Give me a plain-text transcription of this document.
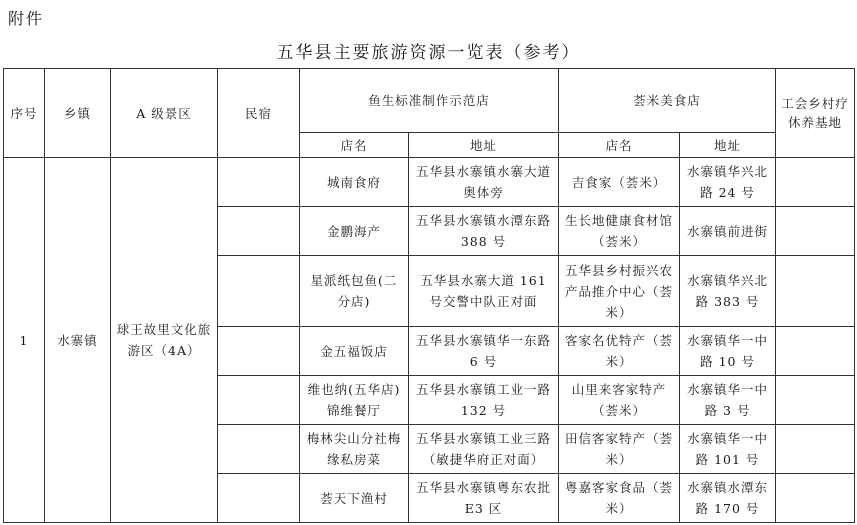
附件
五华县主要旅游资源一览表（参考）
序号	乡镇	A 级景区	民宿	鱼生标准制作示范店		荟米美食店		工会乡村疗休养基地
				店名	地址	店名	地址	
1	水寨镇	球王故里文化旅游区（4A）		城南食府	五华县水寨镇水寨大道奥体旁	吉食家（荟米）	水寨镇华兴北路 24 号	
				金鹏海产	五华县水寨镇水潭东路 388 号	生长地健康食材馆（荟米）	水寨镇前进街	
				星派纸包鱼(二分店)	五华县水寨大道 161 号交警中队正对面	五华县乡村振兴农产品推介中心（荟米）	水寨镇华兴北路 383 号	
				金五福饭店	五华县水寨镇华一东路 6 号	客家名优特产（荟米）	水寨镇华一中路 10 号	
				维也纳(五华店)锦维餐厅	五华县水寨镇工业一路 132 号	山里来客家特产（荟米）	水寨镇华一中路 3 号	
				梅林尖山分社梅缘私房菜	五华县水寨镇工业三路（敏捷华府正对面）	田信客家特产（荟米）	水寨镇华一中路 101 号	
				荟天下渔村	五华县水寨镇粤东农批 E3 区	粤嘉客家食品（荟米）	水寨镇水潭东路 170 号	
